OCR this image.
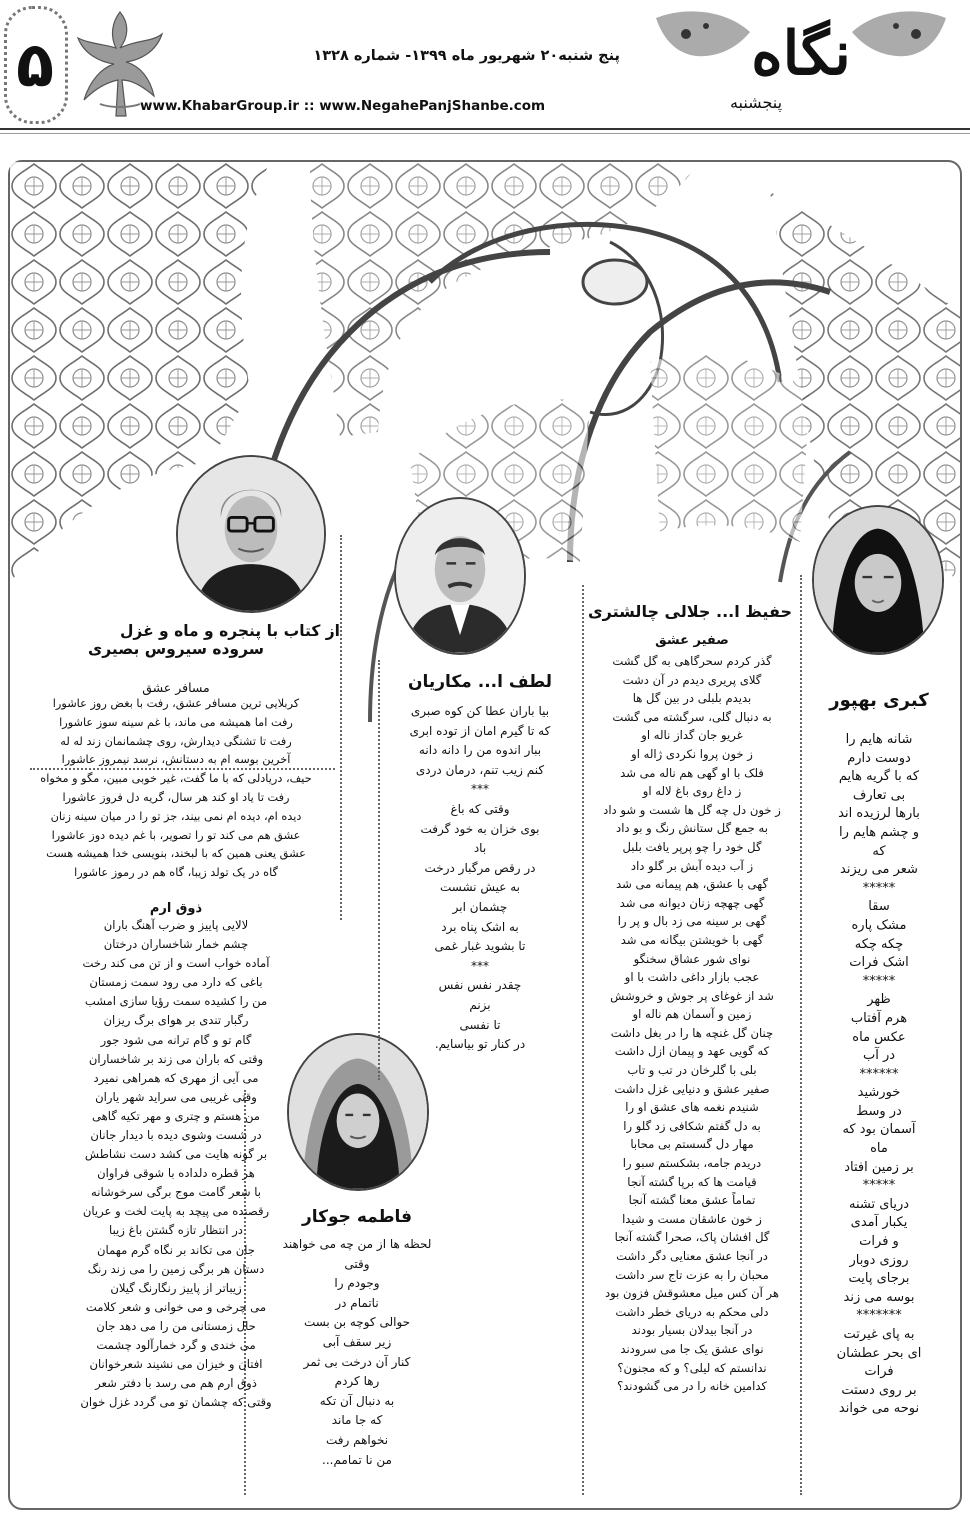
۵	پنج شنبه۲۰ شهریور ماه ۱۳۹۹- شماره ۱۳۲۸
www.KhabarGroup.ir :: www.NegahePanjShanbe.com
نگاه
پنجشنبه
کبری بهپور
شانه هایم را
دوست دارم
که با گریه هایم
بی تعارف
بارها لرزیده اند
و چشم هایم را
که
شعر می ریزند
*****
سقا
مشک پاره
چکه چکه
اشک فرات
*****
ظهر
هرم آفتاب
عکس ماه
در آب
******
خورشید
در وسط
آسمان بود که
ماه
بر زمین افتاد
*****
دریای تشنه
یکبار آمدی
و فرات
روزی دوبار
برجای پایت
بوسه می زند
*******
به پای غیرتت
ای بحر عطشان
فرات
بر روی دستت
نوحه می خواند
حفیظ ا... جلالی چالشتری
صفیر عشق
گذر کردم سحرگاهی به گل گشت
گلای پریری دیدم در آن دشت
بدیدم بلبلی در بین گل ها
به دنبال گلی، سرگشته می گشت
غریو جان گداز ناله او
ز خون پروا نکردی ژاله او
فلک با او گهی هم ناله می شد
ز داغ روی باغ لاله او
ز خون دل چه گل ها شست و شو داد
به جمع گل ستانش رنگ و بو داد
گل خود را چو پرپر یافت بلبل
ز آب دیده آبش بر گلو داد
گهی با عشق، هم پیمانه می شد
گهی چهچه زنان دیوانه می شد
گهی بر سینه می زد بال و پر را
گهی با خویشتن بیگانه می شد
نوای شور عشاق سخنگو
عجب بازار داغی داشت با او
شد از غوغای پر جوش و خروشش
زمین و آسمان هم ناله او
چنان گل غنچه ها را در بغل داشت
که گویی عهد و پیمان ازل داشت
بلی با گلرخان در تب و تاب
صفیر عشق و دنیایی غزل داشت
شنیدم نغمه های عشق او را
به دل گفتم شکافی زد گلو را
مهار دل گسستم بی محابا
دریدم جامه، بشکستم سبو را
قیامت ها که برپا گشته آنجا
تماماً عشق معنا گشته آنجا
ز خون عاشقان مست و شیدا
گل افشان پاک، صحرا گشته آنجا
در آنجا عشق معنایی دگر داشت
محبان را به عزت تاج سر داشت
هر آن کس میل معشوقش فزون بود
دلی محکم به دریای خطر داشت
در آنجا بیدلان بسیار بودند
نوای عشق یک جا می سرودند
ندانستم که لیلی؟ و که مجنون؟
کدامین خانه را در می گشودند؟
لطف ا... مکاریان
بیا باران عطا کن کوه صبری
که تا گیرم امان از توده ابری
ببار اندوه من را دانه دانه
کنم زیب تنم، درمان دردی
***
وقتی که باغ
بوی خزان به خود گرفت
باد
در رقص مرگبار درخت
به عیش نشست
چشمان ابر
به اشک پناه برد
تا بشوید غبار غمی
***
چقدر نفس نفس
بزنم
تا نفسی
در کنار تو بیاسایم.
فاطمه جوکار
لحظه ها از من چه می خواهند
وقتی
وجودم را
ناتمام در
حوالی کوچه بن بست
زیر سقف آبی
کنار آن درخت بی ثمر
رها کردم
به دنبال آن تکه
که جا ماند
نخواهم رفت
من نا تمامم...
از کتاب با پنجره و ماه و غزل
سروده سیروس بصیری
مسافر عشق
کربلایی ترین مسافر عشق، رفت با بغض روز عاشورا
رفت اما همیشه می ماند، با غم سینه سوز عاشورا
رفت تا تشنگی دیدارش، روی چشمانمان زند له له
آخرین بوسه ام به دستانش، نرسد نیمروز عاشورا
حیف، دریادلی که با ما گفت، غیر خوبی مبین، مگو و مخواه
رفت تا یاد او کند هر سال، گریه دل فروز عاشورا
دیده ام، دیده ام نمی بیند، جز تو را در میان سینه زنان
عشق هم می کند تو را تصویر، با غم دیده دوز عاشورا
عشق یعنی همین که با لبخند، بنویسی خدا همیشه هست
گاه در یک تولد زیبا، گاه هم در رموز عاشورا
ذوق ارم
لالایی پاییز و ضرب آهنگ باران
چشم خمار شاخساران درختان
آماده خواب است و از تن می کند رخت
باغی که دارد می رود سمت زمستان
من را کشیده سمت رؤیا سازی امشب
رگبار تندی بر هوای برگ ریزان
گام تو و گام ترانه می شود جور
وقتی که باران می زند بر شاخساران
می آیی از مهری که همراهی نمیرد
وقتی غریبی می سراید شهر یاران
من هستم و چتری و مهر تکیه گاهی
در شست وشوی دیده با دیدار جانان
بر گونه هایت می کشد دست نشاطش
هر قطره دلداده با شوقی فراوان
با شعر گامت موج برگی سرخوشانه
رقصنده می پیچد به پایت لخت و عریان
در انتظار تازه گشتن باغ زیبا
جان می تکاند بر نگاه گرم مهمان
دستان هر برگی زمین را می زند رنگ
زیباتر از پاییز رنگارنگ گیلان
می چرخی و می خوانی و شعر کلامت
حال زمستانی من را می دهد جان
می خندی و گرد خمارآلود چشمت
افتان و خیزان می نشیند شعرخوانان
ذوق ارم هم می رسد با دفتر شعر
وقتی که چشمان تو می گردد غزل خوان
